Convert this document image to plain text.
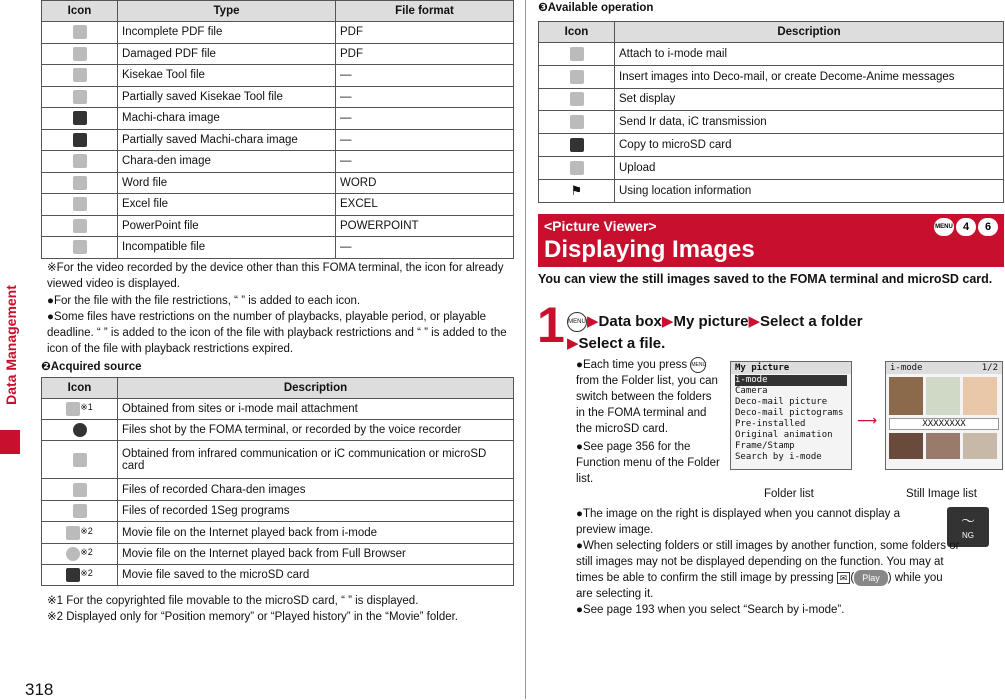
Data Management
318
Icon	Type	File format
	Incomplete PDF file	PDF
	Damaged PDF file	PDF
	Kisekae Tool file	—
	Partially saved Kisekae Tool file	—
	Machi-chara image	—
	Partially saved Machi-chara image	—
	Chara-den image	—
	Word file	WORD
	Excel file	EXCEL
	PowerPoint file	POWERPOINT
	Incompatible file	—
※For the video recorded by the device other than this FOMA terminal, the icon for already viewed video is displayed.
●For the file with the file restrictions, “ ” is added to each icon.
●Some files have restrictions on the number of playbacks, playable period, or playable deadline. “ ” is added to the icon of the file with playback restrictions and “ ” is added to the icon of the file with playback restrictions expired.
❷Acquired source
Icon	Description
$^{※1}$	Obtained from sites or i-mode mail attachment
	Files shot by the FOMA terminal, or recorded by the voice recorder
	Obtained from infrared communication or iC communication or microSD card
	Files of recorded Chara-den images
	Files of recorded 1Seg programs
$^{※2}$	Movie file on the Internet played back from i-mode
$^{※2}$	Movie file on the Internet played back from Full Browser
$^{※2}$	Movie file saved to the microSD card
※1 For the copyrighted file movable to the microSD card, “ ” is displayed.
※2 Displayed only for “Position memory” or “Played history” in the “Movie” folder.
❸Available operation
Icon	Description
	Attach to i-mode mail
	Insert images into Deco-mail, or create Decome-Anime messages
	Set display
	Send Ir data, iC transmission
	Copy to microSD card
	Upload
⚑	Using location information
<Picture Viewer>
Displaying Images
MENU 4	6
You can view the still images saved to the FOMA terminal and microSD card.
1 MENU▶Data box▶My picture▶Select a folder
▶Select a file.
●Each time you press MENU from the Folder list, you can switch between the folders in the FOMA terminal and the microSD card.
●See page 356 for the Function menu of the Folder list.
My picture
i-mode
Camera
Deco-mail picture
Deco-mail pictograms
Pre-installed
Original animation
Frame/Stamp
Search by i-mode
⟶
i-mode	1/2
XXXXXXXX
Folder list	Still Image list
●The image on the right is displayed when you cannot display a preview image.
〜
NG
●When selecting folders or still images by another function, some folders or still images may not be displayed depending on the function. You may at times be able to confirm the still image by pressing ✉ ( Play ) while you are selecting it.
●See page 193 when you select “Search by i-mode”.
